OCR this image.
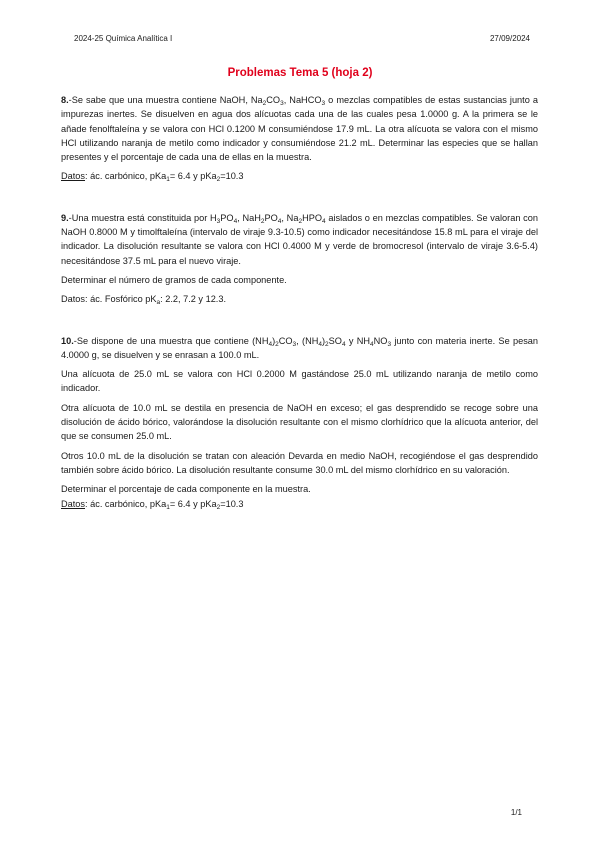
2024-25 Química Analítica I	27/09/2024
Problemas Tema 5 (hoja 2)

8.-Se sabe que una muestra contiene NaOH, $Na_2CO_3$, NaHCO$_3$ o mezclas compatibles de estas sustancias junto a impurezas inertes. Se disuelven en agua dos alícuotas cada una de las cuales pesa 1.0000 g. A la primera se le añade fenolftaleína y se valora con HCl 0.1200 M consumiéndose 17.9 mL. La otra alícuota se valora con el mismo HCl utilizando naranja de metilo como indicador y consumiéndose 21.2 mL. Determinar las especies que se hallan presentes y el porcentaje de cada una de ellas en la muestra.

Datos: ác. carbónico, pKa$_1$= 6.4 y pKa$_2$=10.3

9.-Una muestra está constituida por $H_3PO_4$, $NaH_2PO_4$, $Na_2HPO_4$ aislados o en mezclas compatibles. Se valoran con NaOH 0.8000 M y timolftaleína (intervalo de viraje 9.3-10.5) como indicador necesitándose 15.8 mL para el viraje del indicador. La disolución resultante se valora con HCl 0.4000 M y verde de bromocresol (intervalo de viraje 3.6-5.4) necesitándose 37.5 mL para el nuevo viraje.

Determinar el número de gramos de cada componente.

Datos: ác. Fosfórico $pK_a$: 2.2, 7.2 y 12.3.

10.-Se dispone de una muestra que contiene $(NH_4)_2CO_3$, $(NH_4)_2SO_4$ y $NH_4NO_3$ junto con materia inerte. Se pesan 4.0000 g, se disuelven y se enrasan a 100.0 mL.

Una alícuota de 25.0 mL se valora con HCl 0.2000 M gastándose 25.0 mL utilizando naranja de metilo como indicador.

Otra alícuota de 10.0 mL se destila en presencia de NaOH en exceso; el gas desprendido se recoge sobre una disolución de ácido bórico, valorándose la disolución resultante con el mismo clorhídrico que la alícuota anterior, del que se consumen 25.0 mL.

Otros 10.0 mL de la disolución se tratan con aleación Devarda en medio NaOH, recogiéndose el gas desprendido también sobre ácido bórico. La disolución resultante consume 30.0 mL del mismo clorhídrico en su valoración.

Determinar el porcentaje de cada componente en la muestra.
Datos: ác. carbónico, pKa$_1$= 6.4 y pKa$_2$=10.3

1/1
